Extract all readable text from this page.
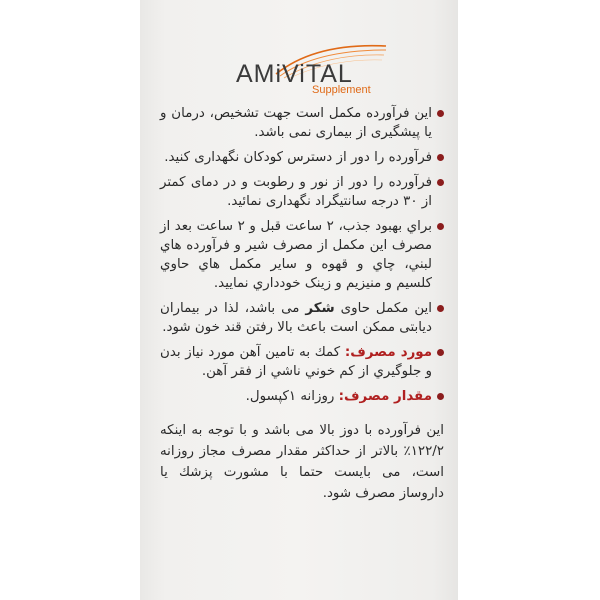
AMiViTAL
Supplement
این فرآورده مکمل است جهت تشخیص، درمان و یا پیشگیری از بیماری نمی باشد.
فرآورده را دور از دسترس کودکان نگهداری کنید.
فرآورده را دور از نور و رطوبت و در دمای کمتر از ۳۰ درجه سانتیگراد نگهداری نمائید.
براي بهبود جذب، ۲ ساعت قبل و ۲ ساعت بعد از مصرف این مکمل از مصرف شیر و فرآورده هاي لبني، چاي و قهوه و ساير مکمل هاي حاوي کلسيم و منيزيم و زينک خودداري نماييد.
این مکمل حاوی شکر می باشد، لذا در بیماران دیابتی ممکن است باعث بالا رفتن قند خون شود.
مورد مصرف: کمك به تامين آهن مورد نياز بدن و جلوگيري از کم خوني ناشي از فقر آهن.
مقدار مصرف: روزانه ۱کپسول.
این فرآورده با دوز بالا می باشد و با توجه به اینکه ۱۲۲/۲٪ بالاتر از حداکثر مقدار مصرف مجاز روزانه است، می بایست حتما با مشورت پزشك يا داروساز مصرف شود.
